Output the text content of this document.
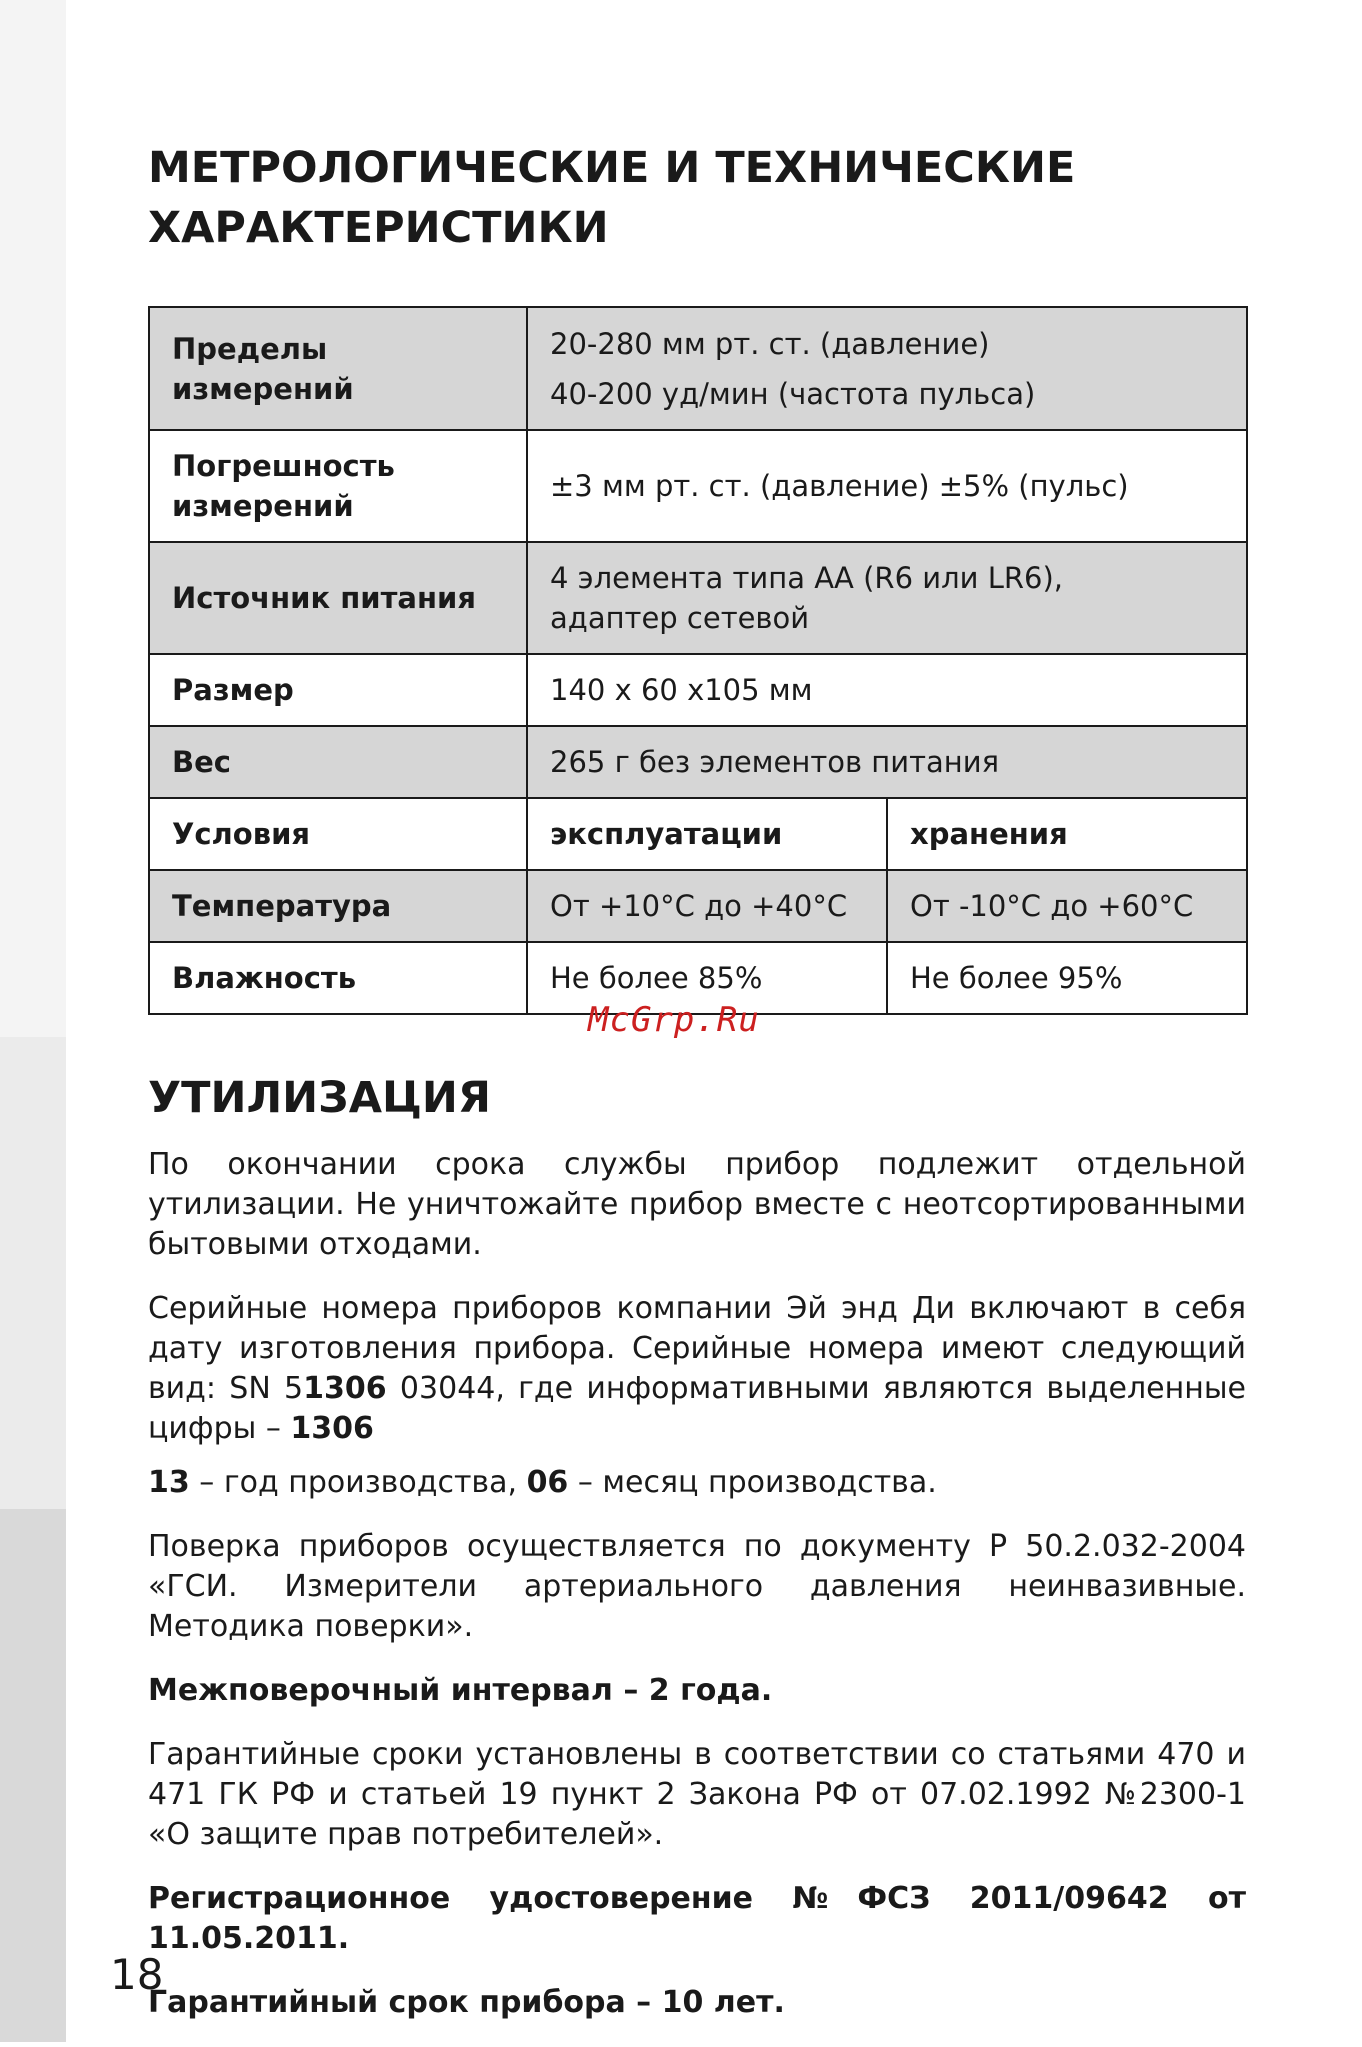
МЕТРОЛОГИЧЕСКИЕ И ТЕХНИЧЕСКИЕ
ХАРАКТЕРИСТИКИ
Пределы измерений	20-280 мм рт. ст. (давление)
40-200 уд/мин (частота пульса)	

Погрешность
измерений	±3 мм рт. ст. (давление) ±5% (пульс)	
Источник питания	4 элемента типа АА (R6 или LR6),
адаптер сетевой	

Размер	140 x 60 x105 мм	
Вес	265 г без элементов питания	
Условия	эксплуатации	хранения
Температура	От +10°С до +40°С	От -10°С до +60°С
Влажность	Не более 85%	Не более 95%
McGrp.Ru
УТИЛИЗАЦИЯ

По окончании срока службы прибор подлежит отдельной утилизации. Не уничтожайте прибор вместе с неотсортированными бытовыми отходами.

Серийные номера приборов компании Эй энд Ди включают в себя дату изготовления прибора. Серийные номера имеют следующий вид: SN 51306 03044, где информативными являются выделенные цифры – 1306

13 – год производства, 06 – месяц производства.

Поверка приборов осуществляется по документу Р 50.2.032-2004 «ГСИ. Измерители артериального давления неинвазивные. Методика поверки».

Межповерочный интервал – 2 года.

Гарантийные сроки установлены в соответствии со статьями 470 и 471 ГК РФ и статьей 19 пункт 2 Закона РФ от 07.02.1992 №2300-1 «О защите прав потребителей».

Регистрационное удостоверение №ФСЗ 2011/09642 от 11.05.2011.

Гарантийный срок прибора – 10 лет.

18
